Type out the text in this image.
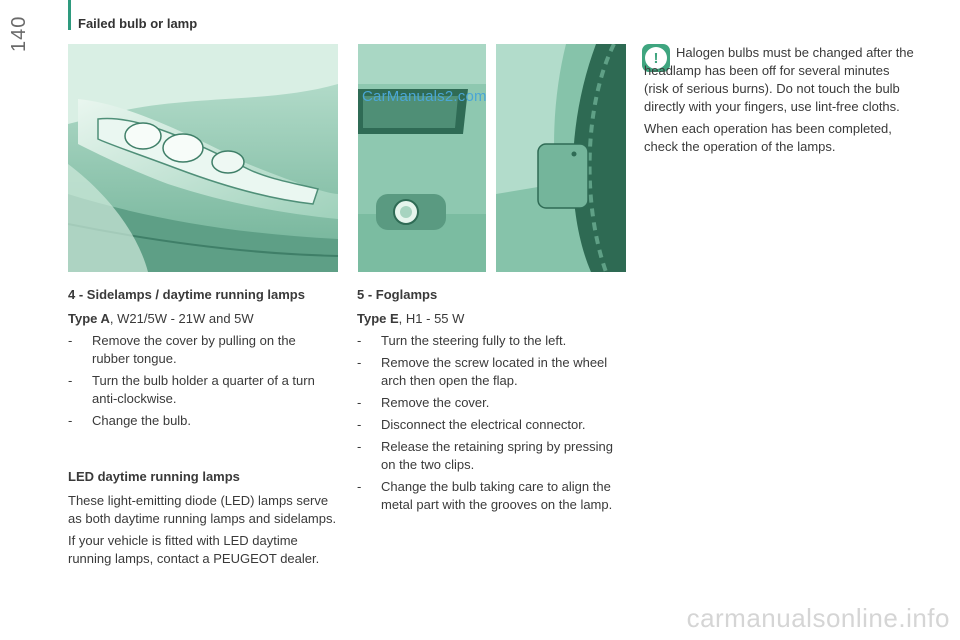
140	Failed bulb or lamp
CarManuals2.com
!	Halogen bulbs must be changed after the headlamp has been off for several minutes (risk of serious burns). Do not touch the bulb directly with your fingers, use lint-free cloths.

When each operation has been completed, check the operation of the lamps.

4 - Sidelamps / daytime running lamps

Type A, W21/5W - 21W and 5W

- Remove the cover by pulling on the rubber tongue.
- Turn the bulb holder a quarter of a turn anti-clockwise.
- Change the bulb.

LED daytime running lamps

These light-emitting diode (LED) lamps serve as both daytime running lamps and sidelamps.

If your vehicle is fitted with LED daytime running lamps, contact a PEUGEOT dealer.

5 - Foglamps

Type E, H1 - 55 W

- Turn the steering fully to the left.
- Remove the screw located in the wheel arch then open the flap.
- Remove the cover.
- Disconnect the electrical connector.
- Release the retaining spring by pressing on the two clips.
- Change the bulb taking care to align the metal part with the grooves on the lamp.
carmanualsonline.info
